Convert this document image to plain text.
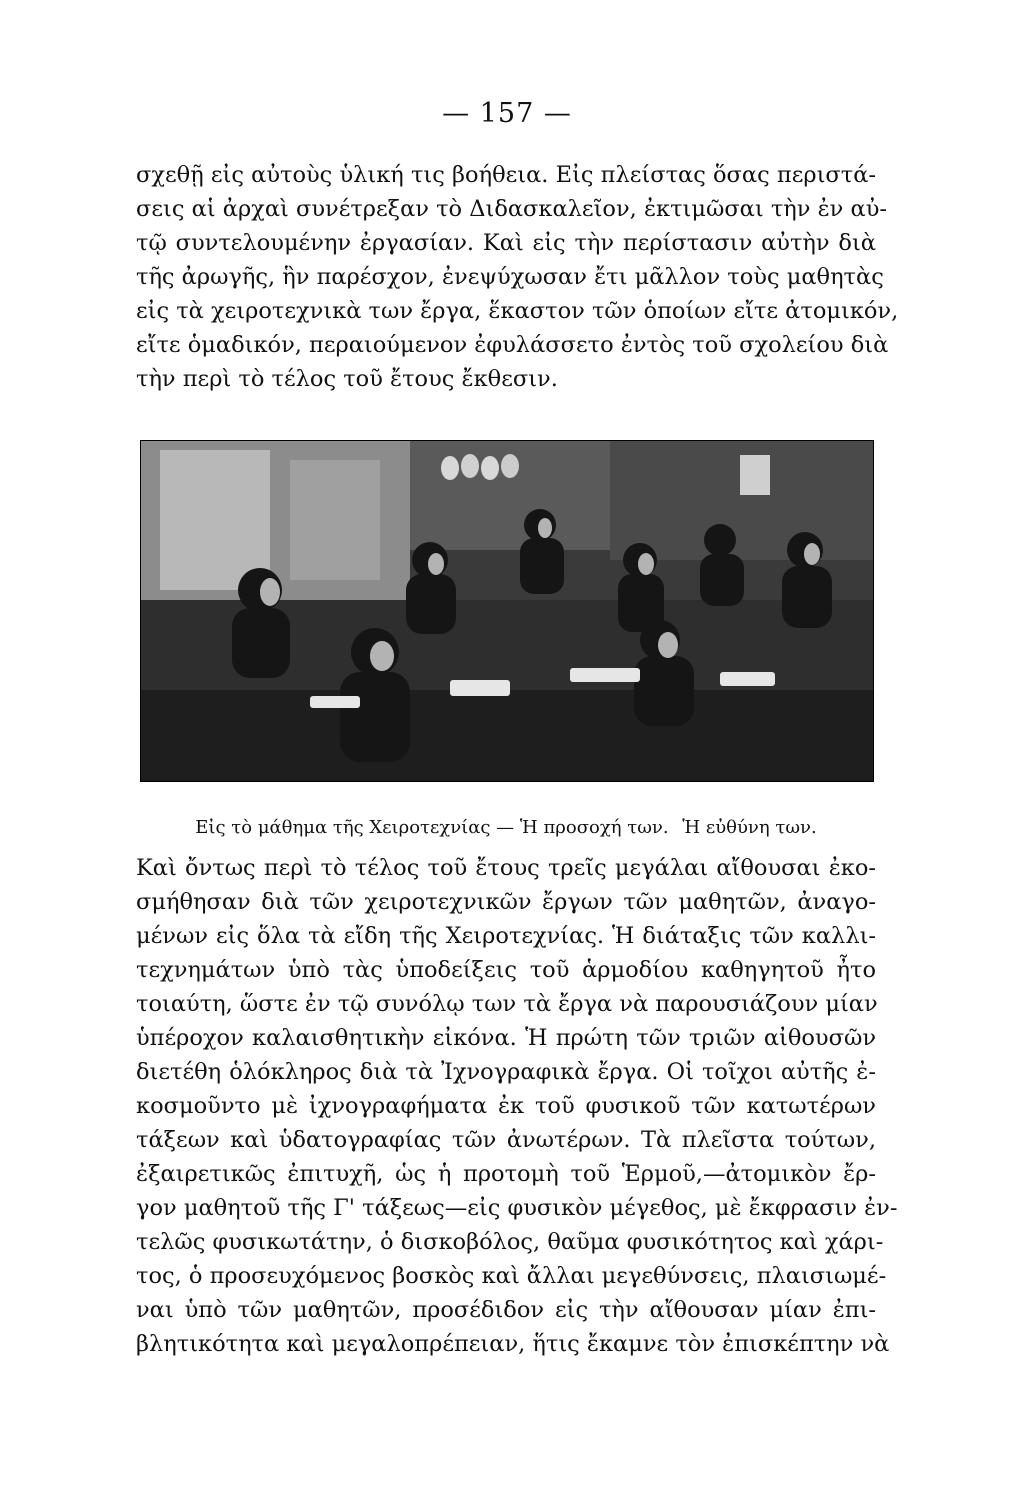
— 157 —

σχεθῇ εἰς αὐτοὺς ὑλική τις βοήθεια. Εἰς πλείστας ὅσας περιστά-
σεις αἱ ἀρχαὶ συνέτρεξαν τὸ Διδασκαλεῖον, ἐκτιμῶσαι τὴν ἐν αὐ-
τῷ συντελουμένην ἐργασίαν. Καὶ εἰς τὴν περίστασιν αὐτὴν διὰ
τῆς ἀρωγῆς, ἣν παρέσχον, ἐνεψύχωσαν ἔτι μᾶλλον τοὺς μαθητὰς
εἰς τὰ χειροτεχνικὰ των ἔργα, ἕκαστον τῶν ὁποίων εἴτε ἀτομικόν,
εἴτε ὁμαδικόν, περαιούμενον ἐφυλάσσετο ἐντὸς τοῦ σχολείου διὰ
τὴν περὶ τὸ τέλος τοῦ ἔτους ἔκθεσιν.

Εἰς τὸ μάθημα τῆς Χειροτεχνίας — Ἡ προσοχή των. Ἡ εὐθύνη των.

Καὶ ὄντως περὶ τὸ τέλος τοῦ ἔτους τρεῖς μεγάλαι αἴθουσαι ἐκο-
σμήθησαν διὰ τῶν χειροτεχνικῶν ἔργων τῶν μαθητῶν, ἀναγο-
μένων εἰς ὅλα τὰ εἴδη τῆς Χειροτεχνίας. Ἡ διάταξις τῶν καλλι-
τεχνημάτων ὑπὸ τὰς ὑποδείξεις τοῦ ἁρμοδίου καθηγητοῦ ἦτο
τοιαύτη, ὥστε ἐν τῷ συνόλῳ των τὰ ἔργα νὰ παρουσιάζουν μίαν
ὑπέροχον καλαισθητικὴν εἰκόνα. Ἡ πρώτη τῶν τριῶν αἰθουσῶν
διετέθη ὁλόκληρος διὰ τὰ Ἰχνογραφικὰ ἔργα. Οἱ τοῖχοι αὐτῆς ἐ-
κοσμοῦντο μὲ ἰχνογραφήματα ἐκ τοῦ φυσικοῦ τῶν κατωτέρων
τάξεων καὶ ὑδατογραφίας τῶν ἀνωτέρων. Τὰ πλεῖστα τούτων,
ἐξαιρετικῶς ἐπιτυχῆ, ὡς ἡ προτομὴ τοῦ Ἑρμοῦ,—ἀτομικὸν ἔρ-
γον μαθητοῦ τῆς Γ' τάξεως—εἰς φυσικὸν μέγεθος, μὲ ἔκφρασιν ἐν-
τελῶς φυσικωτάτην, ὁ δισκοβόλος, θαῦμα φυσικότητος καὶ χάρι-
τος, ὁ προσευχόμενος βοσκὸς καὶ ἄλλαι μεγεθύνσεις, πλαισιωμέ-
ναι ὑπὸ τῶν μαθητῶν, προσέδιδον εἰς τὴν αἴθουσαν μίαν ἐπι-
βλητικότητα καὶ μεγαλοπρέπειαν, ἥτις ἔκαμνε τὸν ἐπισκέπτην νὰ
